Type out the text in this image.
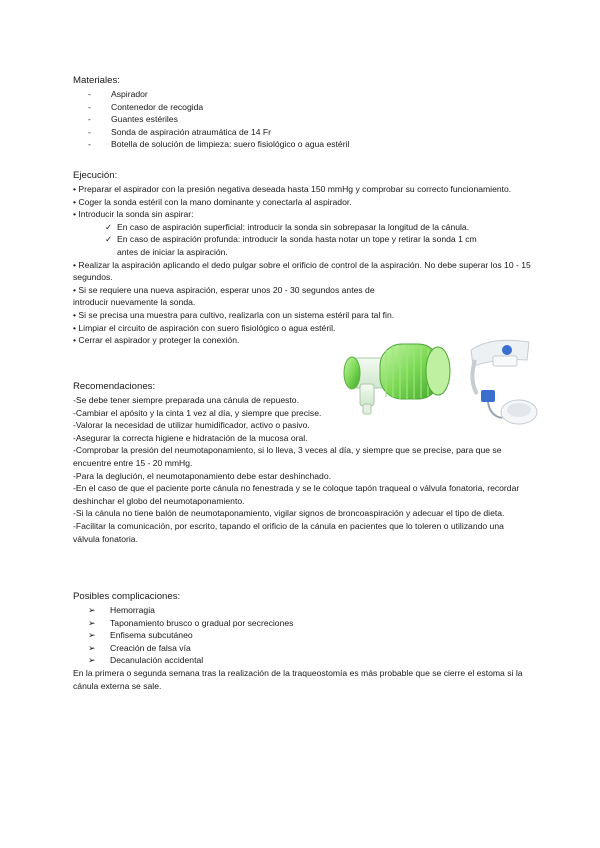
Materiales:
- Aspirador
- Contenedor de recogida
- Guantes estériles
- Sonda de aspiración atraumática de 14 Fr
- Botella de solución de limpieza: suero fisiológico o agua estéril
Ejecución:

• Preparar el aspirador con la presión negativa deseada hasta 150 mmHg y comprobar su correcto funcionamiento.

• Coger la sonda estéril con la mano dominante y conectarla al aspirador.

• Introducir la sonda sin aspirar:

✓ En caso de aspiración superficial: introducir la sonda sin sobrepasar la longitud de la cánula.
✓ En caso de aspiración profunda: introducir la sonda hasta notar un tope y retirar la sonda 1 cm

antes de iniciar la aspiración.

• Realizar la aspiración aplicando el dedo pulgar sobre el orificio de control de la aspiración. No debe superar los 10 - 15 segundos.

• Si se requiere una nueva aspiración, esperar unos 20 - 30 segundos antes de introducir nuevamente la sonda.

• Si se precisa una muestra para cultivo, realizarla con un sistema estéril para tal fin.

• Limpiar el circuito de aspiración con suero fisiológico o agua estéril.

• Cerrar el aspirador y proteger la conexión.

Recomendaciones:

-Se debe tener siempre preparada una cánula de repuesto.

-Cambiar el apósito y la cinta 1 vez al día, y siempre que precise.

-Valorar la necesidad de utilizar humidificador, activo o pasivo.

-Asegurar la correcta higiene e hidratación de la mucosa oral.

-Comprobar la presión del neumotaponamiento, si lo lleva, 3 veces al día, y siempre que se precise, para que se encuentre entre 15 - 20 mmHg.

-Para la deglución, el neumotaponamiento debe estar deshinchado.

-En el caso de que el paciente porte cánula no fenestrada y se le coloque tapón traqueal o válvula fonatoria, recordar deshinchar el globo del neumotaponamiento.

-Si la cánula no tiene balón de neumotaponamiento, vigilar signos de broncoaspiración y adecuar el tipo de dieta.

-Facilitar la comunicación, por escrito, tapando el orificio de la cánula en pacientes que lo toleren o utilizando una válvula fonatoria.

Posibles complicaciones:
➢ Hemorragia
➢ Taponamiento brusco o gradual por secreciones
➢ Enfisema subcutáneo
➢ Creación de falsa vía
➢ Decanulación accidental

En la primera o segunda semana tras la realización de la traqueostomía es más probable que se cierre el estoma si la cánula externa se sale.
